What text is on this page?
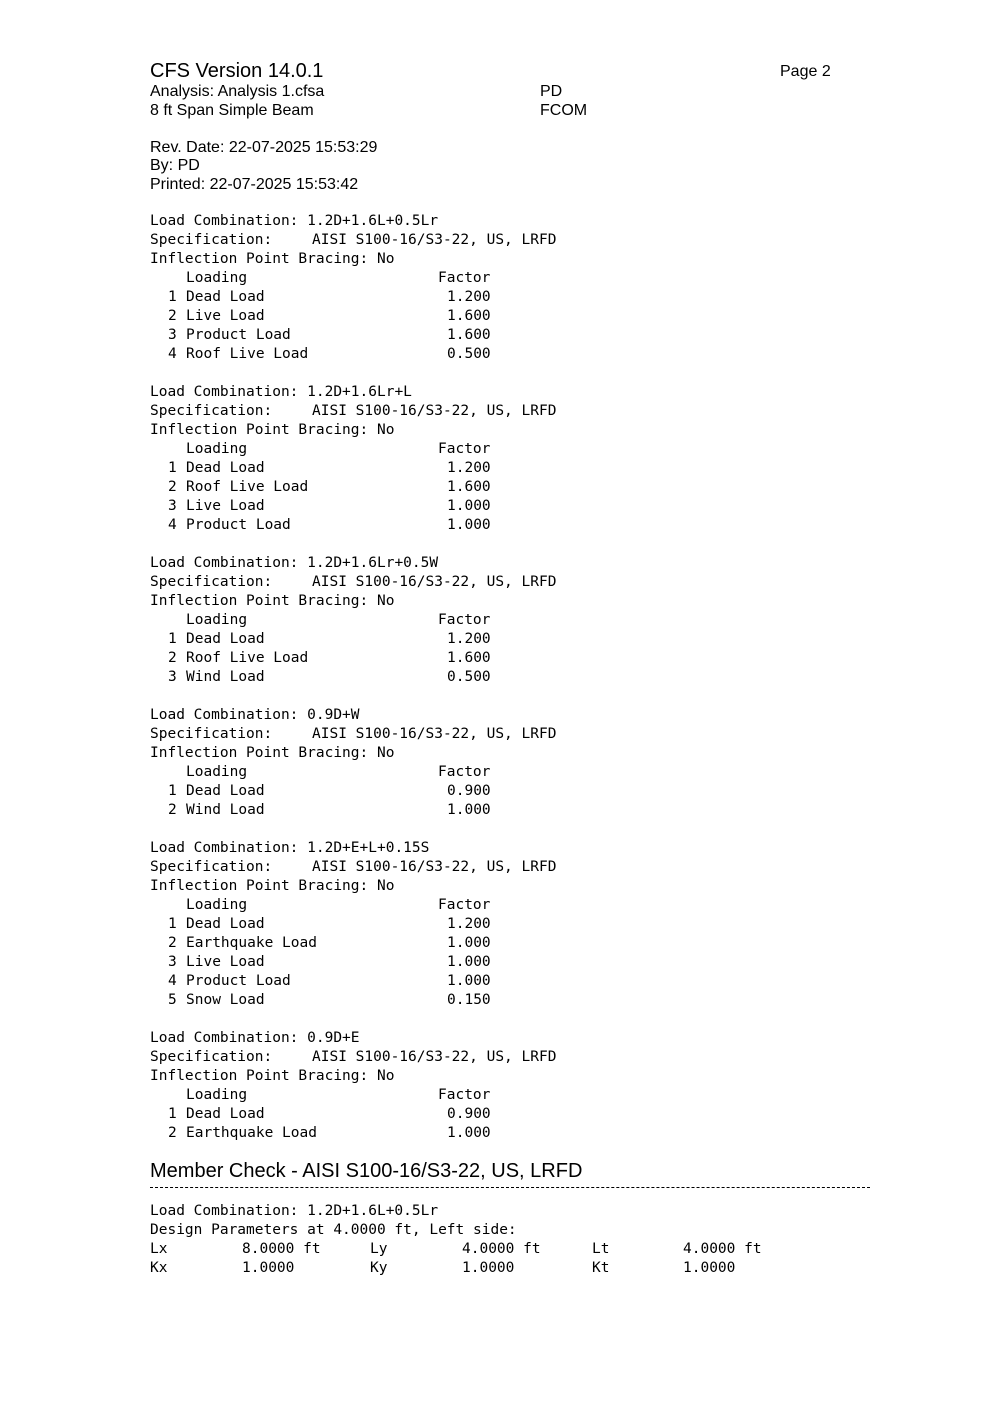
CFS Version 14.0.1	Page 2
Analysis: Analysis 1.cfsa
8 ft Span Simple Beam
PD
FCOM
Rev. Date: 22-07-2025 15:53:29
By: PD
Printed: 22-07-2025 15:53:42
Load Combination: 1.2D+1.6L+0.5Lr
Specification:	AISI S100-16/S3-22, US, LRFD
Inflection Point Bracing: No
Loading	Factor
1 Dead Load	1.200
2 Live Load	1.600
3 Product Load	1.600
4 Roof Live Load	0.500
Load Combination: 1.2D+1.6Lr+L
Specification:	AISI S100-16/S3-22, US, LRFD
Inflection Point Bracing: No
Loading	Factor
1 Dead Load	1.200
2 Roof Live Load	1.600
3 Live Load	1.000
4 Product Load	1.000
Load Combination: 1.2D+1.6Lr+0.5W
Specification:	AISI S100-16/S3-22, US, LRFD
Inflection Point Bracing: No
Loading	Factor
1 Dead Load	1.200
2 Roof Live Load	1.600
3 Wind Load	0.500
Load Combination: 0.9D+W
Specification:	AISI S100-16/S3-22, US, LRFD
Inflection Point Bracing: No
Loading	Factor
1 Dead Load	0.900
2 Wind Load	1.000
Load Combination: 1.2D+E+L+0.15S
Specification:	AISI S100-16/S3-22, US, LRFD
Inflection Point Bracing: No
Loading	Factor
1 Dead Load	1.200
2 Earthquake Load	1.000
3 Live Load	1.000
4 Product Load	1.000
5 Snow Load	0.150
Load Combination: 0.9D+E
Specification:	AISI S100-16/S3-22, US, LRFD
Inflection Point Bracing: No
Loading	Factor
1 Dead Load	0.900
2 Earthquake Load	1.000
Member Check - AISI S100-16/S3-22, US, LRFD
Load Combination: 1.2D+1.6L+0.5Lr
Design Parameters at 4.0000 ft, Left side:
Lx	8.0000 ft	Ly	4.0000 ft	Lt	4.0000 ft
Kx	1.0000	Ky	1.0000	Kt	1.0000
